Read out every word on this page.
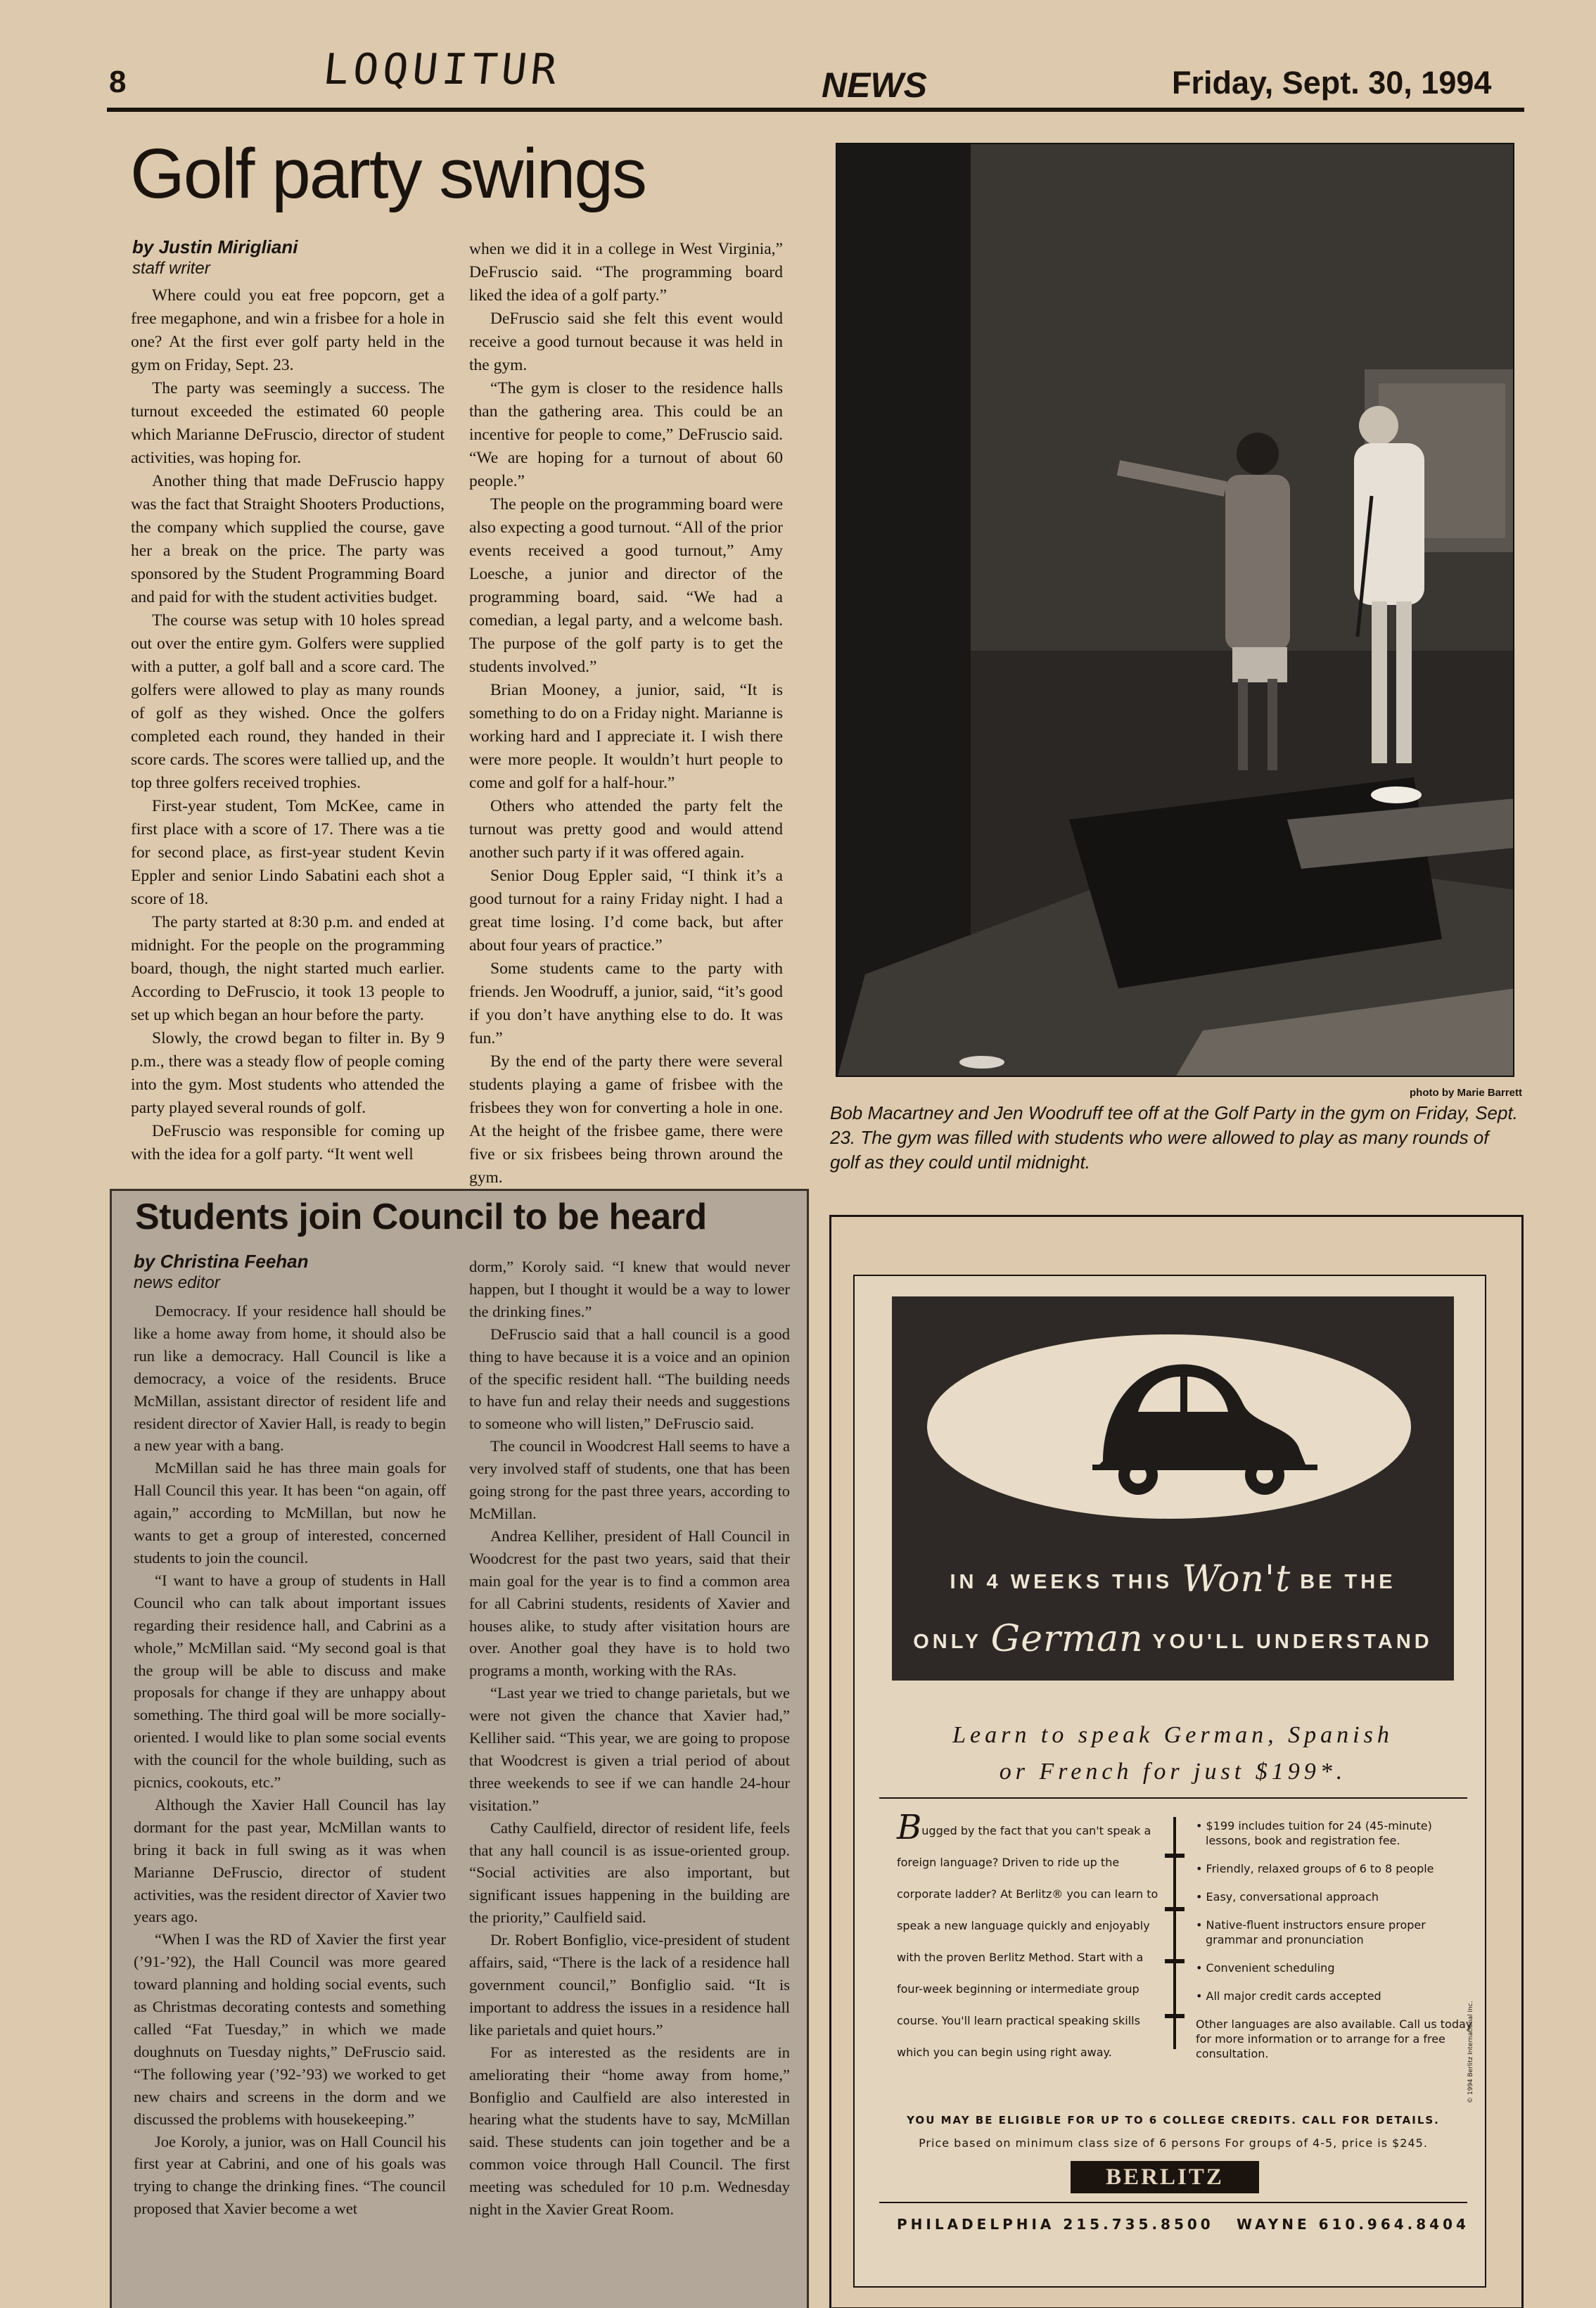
8	LOQUITUR	NEWS	Friday, Sept. 30, 1994
Golf party swings
by Justin Mirigliani
staff writer

Where could you eat free popcorn, get a free megaphone, and win a frisbee for a hole in one? At the first ever golf party held in the gym on Friday, Sept. 23.

The party was seemingly a success. The turnout exceeded the estimated 60 people which Marianne DeFruscio, director of student activities, was hoping for.

Another thing that made DeFruscio happy was the fact that Straight Shooters Productions, the company which supplied the course, gave her a break on the price. The party was sponsored by the Student Programming Board and paid for with the student activities budget.

The course was setup with 10 holes spread out over the entire gym. Golfers were supplied with a putter, a golf ball and a score card. The golfers were allowed to play as many rounds of golf as they wished. Once the golfers completed each round, they handed in their score cards. The scores were tallied up, and the top three golfers received trophies.

First-year student, Tom McKee, came in first place with a score of 17. There was a tie for second place, as first-year student Kevin Eppler and senior Lindo Sabatini each shot a score of 18.

The party started at 8:30 p.m. and ended at midnight. For the people on the programming board, though, the night started much earlier. According to DeFruscio, it took 13 people to set up which began an hour before the party.

Slowly, the crowd began to filter in. By 9 p.m., there was a steady flow of people coming into the gym. Most students who attended the party played several rounds of golf.

DeFruscio was responsible for coming up with the idea for a golf party. “It went well

when we did it in a college in West Virginia,” DeFruscio said. “The programming board liked the idea of a golf party.”

DeFruscio said she felt this event would receive a good turnout because it was held in the gym.

“The gym is closer to the residence halls than the gathering area. This could be an incentive for people to come,” DeFruscio said. “We are hoping for a turnout of about 60 people.”

The people on the programming board were also expecting a good turnout. “All of the prior events received a good turnout,” Amy Loesche, a junior and director of the programming board, said. “We had a comedian, a legal party, and a welcome bash. The purpose of the golf party is to get the students involved.”

Brian Mooney, a junior, said, “It is something to do on a Friday night. Marianne is working hard and I appreciate it. I wish there were more people. It wouldn’t hurt people to come and golf for a half-hour.”

Others who attended the party felt the turnout was pretty good and would attend another such party if it was offered again.

Senior Doug Eppler said, “I think it’s a good turnout for a rainy Friday night. I had a great time losing. I’d come back, but after about four years of practice.”

Some students came to the party with friends. Jen Woodruff, a junior, said, “it’s good if you don’t have anything else to do. It was fun.”

By the end of the party there were several students playing a game of frisbee with the frisbees they won for converting a hole in one. At the height of the frisbee game, there were five or six frisbees being thrown around the gym.

photo by Marie Barrett
Bob Macartney and Jen Woodruff tee off at the Golf Party in the gym on Friday, Sept. 23. The gym was filled with students who were allowed to play as many rounds of golf as they could until midnight.
Students join Council to be heard
by Christina Feehan
news editor

Democracy. If your residence hall should be like a home away from home, it should also be run like a democracy. Hall Council is like a democracy, a voice of the residents. Bruce McMillan, assistant director of resident life and resident director of Xavier Hall, is ready to begin a new year with a bang.

McMillan said he has three main goals for Hall Council this year. It has been “on again, off again,” according to McMillan, but now he wants to get a group of interested, concerned students to join the council.

“I want to have a group of students in Hall Council who can talk about important issues regarding their residence hall, and Cabrini as a whole,” McMillan said. “My second goal is that the group will be able to discuss and make proposals for change if they are unhappy about something. The third goal will be more socially-oriented. I would like to plan some social events with the council for the whole building, such as picnics, cookouts, etc.”

Although the Xavier Hall Council has lay dormant for the past year, McMillan wants to bring it back in full swing as it was when Marianne DeFruscio, director of student activities, was the resident director of Xavier two years ago.

“When I was the RD of Xavier the first year (’91-’92), the Hall Council was more geared toward planning and holding social events, such as Christmas decorating contests and something called “Fat Tuesday,” in which we made doughnuts on Tuesday nights,” DeFruscio said. “The following year (’92-’93) we worked to get new chairs and screens in the dorm and we discussed the problems with housekeeping.”

Joe Koroly, a junior, was on Hall Council his first year at Cabrini, and one of his goals was trying to change the drinking fines. “The council proposed that Xavier become a wet

dorm,” Koroly said. “I knew that would never happen, but I thought it would be a way to lower the drinking fines.”

DeFruscio said that a hall council is a good thing to have because it is a voice and an opinion of the specific resident hall. “The building needs to have fun and relay their needs and suggestions to someone who will listen,” DeFruscio said.

The council in Woodcrest Hall seems to have a very involved staff of students, one that has been going strong for the past three years, according to McMillan.

Andrea Kelliher, president of Hall Council in Woodcrest for the past two years, said that their main goal for the year is to find a common area for all Cabrini students, residents of Xavier and houses alike, to study after visitation hours are over. Another goal they have is to hold two programs a month, working with the RAs.

“Last year we tried to change parietals, but we were not given the chance that Xavier had,” Kelliher said. “This year, we are going to propose that Woodcrest is given a trial period of about three weekends to see if we can handle 24-hour visitation.”

Cathy Caulfield, director of resident life, feels that any hall council is as issue-oriented group. “Social activities are also important, but significant issues happening in the building are the priority,” Caulfield said.

Dr. Robert Bonfiglio, vice-president of student affairs, said, “There is the lack of a residence hall government council,” Bonfiglio said. “It is important to address the issues in a residence hall like parietals and quiet hours.”

For as interested as the residents are in ameliorating their “home away from home,” Bonfiglio and Caulfield are also interested in hearing what the students have to say, McMillan said. These students can join together and be a common voice through Hall Council. The first meeting was scheduled for 10 p.m. Wednesday night in the Xavier Great Room.

IN 4 WEEKS THIS Won't BE THE
ONLY German YOU'LL UNDERSTAND
Learn to speak German, Spanish
or French for just $199*.
Bugged by the fact that you can't speak a foreign language? Driven to ride up the corporate ladder? At Berlitz® you can learn to speak a new language quickly and enjoyably with the proven Berlitz Method. Start with a four-week beginning or intermediate group course. You'll learn practical speaking skills which you can begin using right away.
• $199 includes tuition for 24 (45-minute) lessons, book and registration fee.
• Friendly, relaxed groups of 6 to 8 people
• Easy, conversational approach
• Native-fluent instructors ensure proper grammar and pronunciation
• Convenient scheduling
• All major credit cards accepted
Other languages are also available. Call us today for more information or to arrange for a free consultation.
YOU MAY BE ELIGIBLE FOR UP TO 6 COLLEGE CREDITS. CALL FOR DETAILS.
Price based on minimum class size of 6 persons For groups of 4-5, price is $245.
BERLITZ
© 1994 Berlitz International Inc.
PHILADELPHIA 215.735.8500 WAYNE 610.964.8404
